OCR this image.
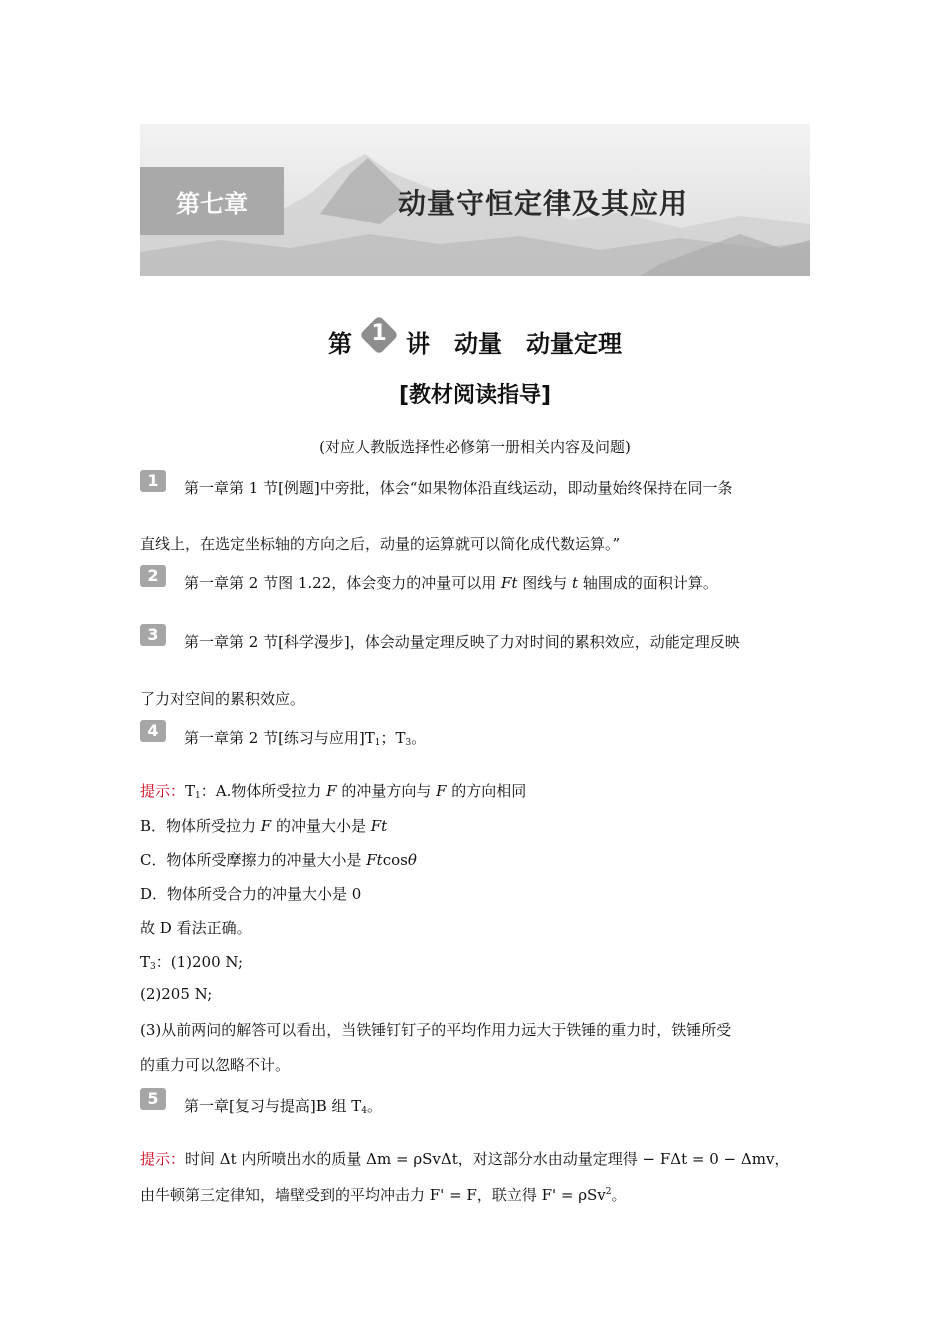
第七章	动量守恒定律及其应用
第 1 讲 动量 动量定理
[教材阅读指导]
(对应人教版选择性必修第一册相关内容及问题)
1	第一章第 1 节[例题]中旁批，体会“如果物体沿直线运动，即动量始终保持在同一条
直线上，在选定坐标轴的方向之后，动量的运算就可以简化成代数运算。”
2	第一章第 2 节图 1.22，体会变力的冲量可以用 Ft 图线与 t 轴围成的面积计算。
3	第一章第 2 节[科学漫步]，体会动量定理反映了力对时间的累积效应，动能定理反映
了力对空间的累积效应。
4	第一章第 2 节[练习与应用]$T_1$；$T_3$。
提示：$T_1$：A.物体所受拉力 F 的冲量方向与 F 的方向相同
B．物体所受拉力 F 的冲量大小是 Ft
C．物体所受摩擦力的冲量大小是 Ftcosθ
D．物体所受合力的冲量大小是 0
故 D 看法正确。
$T_3$：(1)200 N;
(2)205 N;
(3)从前两问的解答可以看出，当铁锤钉钉子的平均作用力远大于铁锤的重力时，铁锤所受
的重力可以忽略不计。
5	第一章[复习与提高]B 组 $T_4$。
提示：时间 Δt 内所喷出水的质量 Δm = ρSvΔt，对这部分水由动量定理得 − FΔt = 0 − Δmv，
由牛顿第三定律知，墙壁受到的平均冲击力 F' = F，联立得 F' = ρSv$^2$。
